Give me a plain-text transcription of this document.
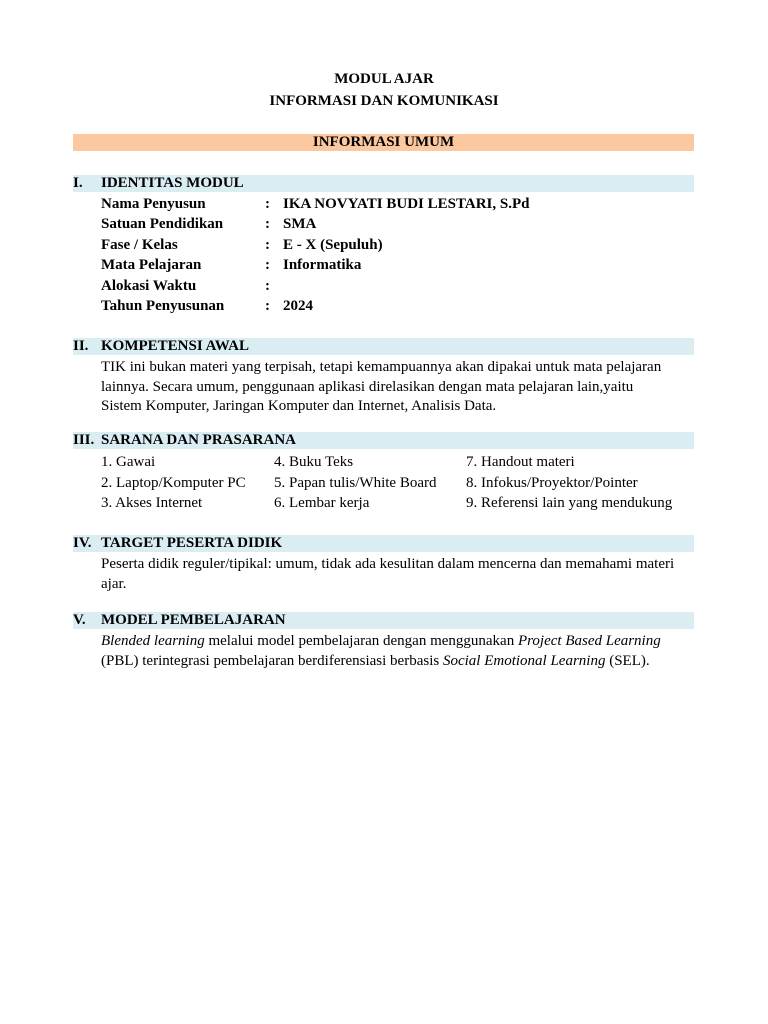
MODUL AJAR
INFORMASI DAN KOMUNIKASI
INFORMASI UMUM
I. IDENTITAS MODUL
Nama Penyusun	: IKA NOVYATI BUDI LESTARI, S.Pd
Satuan Pendidikan	: SMA
Fase / Kelas	: E - X (Sepuluh)
Mata Pelajaran	: Informatika
Alokasi Waktu	:
Tahun Penyusunan	: 2024
II. KOMPETENSI AWAL
TIK ini bukan materi yang terpisah, tetapi kemampuannya akan dipakai untuk mata pelajaran
lainnya. Secara umum, penggunaan aplikasi direlasikan dengan mata pelajaran lain,yaitu
Sistem Komputer, Jaringan Komputer dan Internet, Analisis Data.
III. SARANA DAN PRASARANA
1. Gawai	4. Buku Teks	7. Handout materi
2. Laptop/Komputer PC 5. Papan tulis/White Board 8. Infokus/Proyektor/Pointer
3. Akses Internet	6. Lembar kerja	9. Referensi lain yang mendukung
IV. TARGET PESERTA DIDIK
Peserta didik reguler/tipikal: umum, tidak ada kesulitan dalam mencerna dan memahami materi
ajar.
V. MODEL PEMBELAJARAN
Blended learning melalui model pembelajaran dengan menggunakan Project Based Learning
(PBL) terintegrasi pembelajaran berdiferensiasi berbasis Social Emotional Learning (SEL).
